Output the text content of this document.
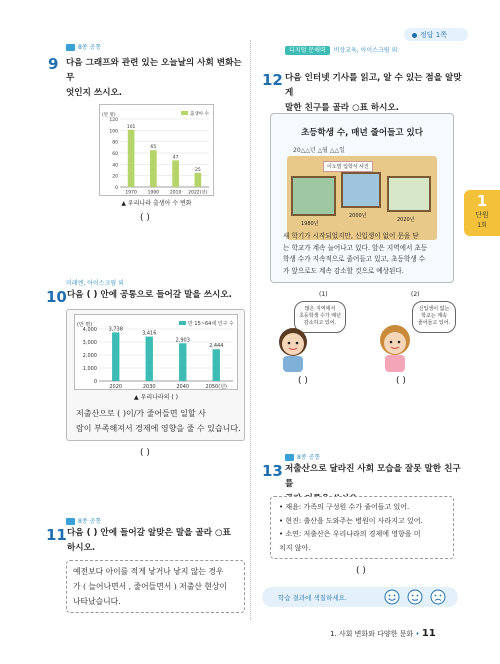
정답 1쪽
1
단원
1회
8종 공통
9 다음 그래프와 관련 있는 오늘날의 사회 변화는 무
엇인지 쓰시오.
(만 명)
0
20
40
60
80
100
120
101
1970
65
1990
47
2010
25
2022(년)
출생아 수
▲ 우리나라 출생아 수 변화
( )
미래엔, 아이스크림 외
10 다음 ( ) 안에 공통으로 들어갈 말을 쓰시오.
(만 명)
0
1,000
2,000
3,000
4,000 3,738
2020
3,416
2030
2,903
2040
2,444
2050(년)
만 15~64세 인구 수
▲ 우리나라의 ( )
저출산으로 ( )이/가 줄어들면 일할 사
람이 부족해져서 경제에 영향을 줄 수 있습니다.
( )
8종 공통
11 다음 ( ) 안에 들어갈 알맞은 말을 골라 ○표
하시오.
예전보다 아이를 적게 낳거나 낳지 않는 경우
가 ( 늘어나면서 , 줄어들면서 ) 저출산 현상이
나타났습니다.
디지털 문해력 비상교육, 아이스크림 외
12 다음 인터넷 기사를 읽고, 알 수 있는 점을 알맞게
말한 친구를 골라 ○표 하시오.
초등학생 수, 매년 줄어들고 있다
20△△년 △월 △△일
이노빌 입학식 사진
1980년
2000년
2020년
새 학기가 시작되었지만, 신입생이 없어 문을 닫
는 학교가 계속 늘어나고 있다. 앞은 지역에서 초등
학생 수가 지속적으로 줄어들고 있고, 초등학생 수
가 앞으로도 계속 감소할 것으로 예상된다.
(1)	(2)
많은 지역에서
초등학생 수가 매년
감소하고 있어.
신입생이 없는
학교는 계속
줄어들고 있어.
( )	( )
8종 공통
13 저출산으로 달라진 사회 모습을 잘못 말한 친구를
• 재윤: 가족의 구성원 수가 줄어들고 있어.
• 현진: 출산을 도와주는 병원이 사라지고 있어.
• 소연: 저출산은 우리나라의 경제에 영향을 미
치지 않아.
( )
학습 결과에 색칠하세요.
1. 사회 변화와 다양한 문화 • 11
